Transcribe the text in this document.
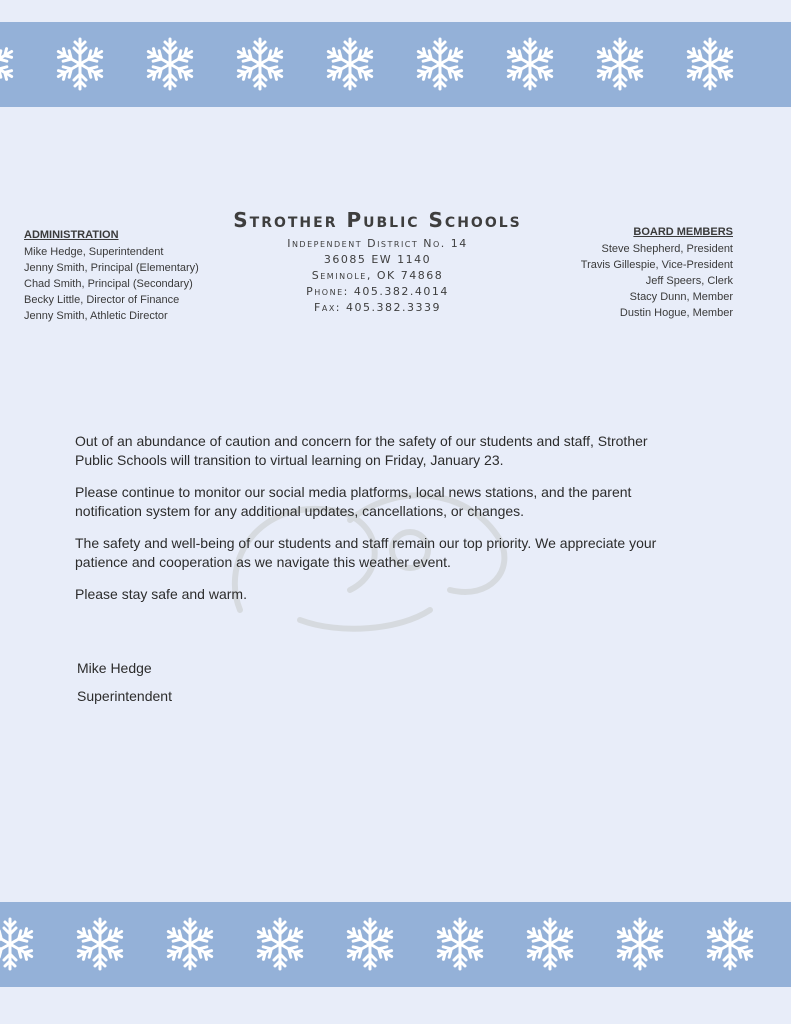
ADMINISTRATION
Mike Hedge, Superintendent
Jenny Smith, Principal (Elementary)
Chad Smith, Principal (Secondary)
Becky Little, Director of Finance
Jenny Smith, Athletic Director
Strother Public Schools
Independent District No. 14
36085 EW 1140
Seminole, OK 74868
Phone: 405.382.4014
Fax: 405.382.3339
BOARD MEMBERS
Steve Shepherd, President
Travis Gillespie, Vice-President
Jeff Speers, Clerk
Stacy Dunn, Member
Dustin Hogue, Member

Out of an abundance of caution and concern for the safety of our students and staff, Strother Public Schools will transition to virtual learning on Friday, January 23.

Please continue to monitor our social media platforms, local news stations, and the parent notification system for any additional updates, cancellations, or changes.

The safety and well-being of our students and staff remain our top priority. We appreciate your patience and cooperation as we navigate this weather event.

Please stay safe and warm.

Mike Hedge
Superintendent
